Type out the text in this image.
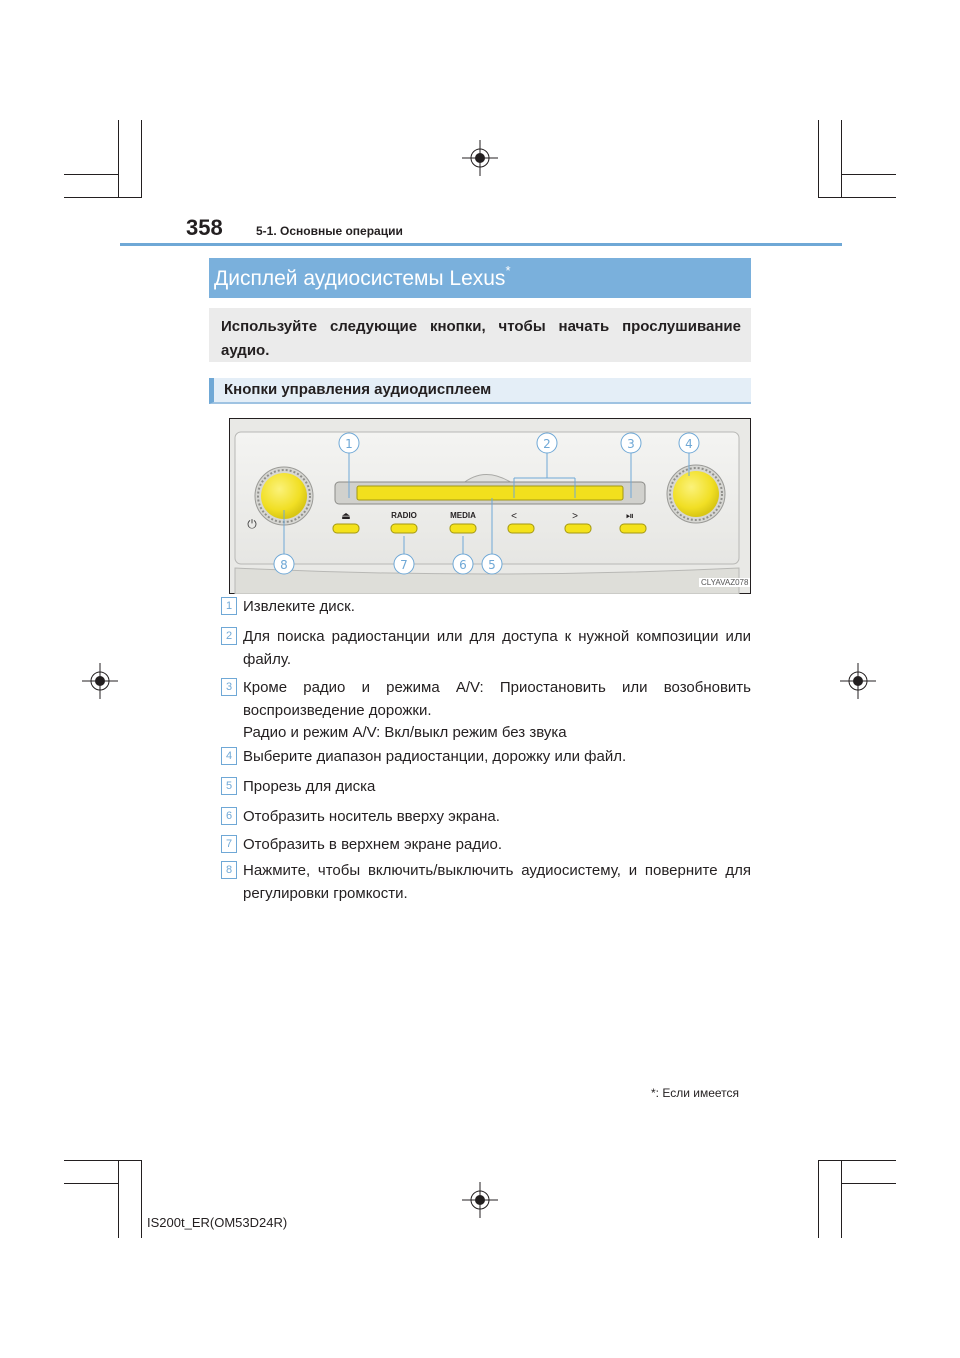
358	5-1. Основные операции
Дисплей аудиосистемы Lexus*
Используйте следующие кнопки, чтобы начать прослушивание аудио.
Кнопки управления аудиодисплеем
⏻
⏏	RADIO	MEDIA	<	>	⏯
1	2	3	4
5
6
7
8
CLYAVAZ078
1 Извлеките диск.
2 Для поиска радиостанции или для доступа к нужной композиции или файлу.
3 Кроме радио и режима A/V: Приостановить или возобновить воспроизведение дорожки.
Радио и режим A/V: Вкл/выкл режим без звука
4 Выберите диапазон радиостанции, дорожку или файл.
5 Прорезь для диска
6 Отобразить носитель вверху экрана.
7 Отобразить в верхнем экране радио.
8 Нажмите, чтобы включить/выключить аудиосистему, и поверните для регулировки громкости.
*: Если имеется
IS200t_ER(OM53D24R)
